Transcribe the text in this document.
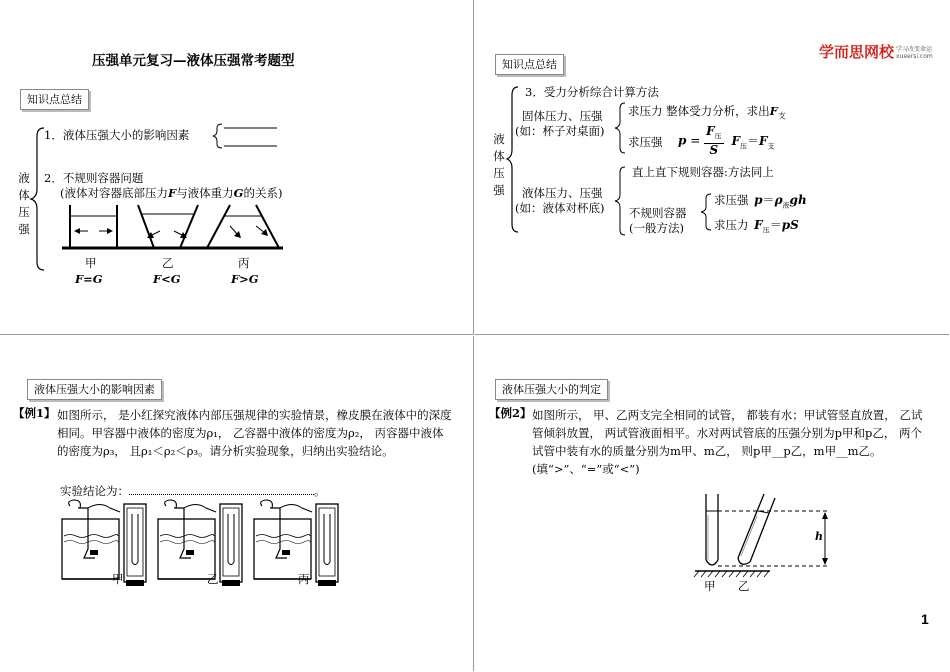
压强单元复习—液体压强常考题型
知识点总结
液
体
压
强
1．液体压强大小的影响因素
2．不规则容器问题
(液体对容器底部压力F与液体重力G的关系)
甲	乙	丙
F=G	F<G	F>G
知识点总结
学而思网校 学习改变命运
xueersi.com
液
体
压
强
3．受力分析综合计算方法
固体压力、压强
(如：杯子对桌面)
求压力 整体受力分析，求出$F_支$
求压强 p =
$F_压$
S
$F_压=F_支$
液体压力、压强
(如：液体对杯底)
直上直下规则容器:方法同上
不规则容器
(一般方法)
求压强 $p=\rho_液gh$
求压力 $F_压=pS$
液体压强大小的影响因素
【例1】 如图所示， 是小红探究液体内部压强规律的实验情景，橡皮膜在液体中的深度相同。甲容器中液体的密度为ρ₁， 乙容器中液体的密度为ρ₂， 丙容器中液体的密度为ρ₃， 且ρ₁＜ρ₂＜ρ₃。请分析实验现象，归纳出实验结论。
实验结论为：	。
甲	乙	丙
液体压强大小的判定
【例2】 如图所示， 甲、乙两支完全相同的试管， 都装有水；甲试管竖直放置， 乙试管倾斜放置， 两试管液面相平。水对两试管底的压强分别为p甲和p乙， 两个试管中装有水的质量分别为m甲、m乙， 则p甲__p乙，m甲__m乙。(填“>”、“=”或“<”)
h
甲 乙
1
